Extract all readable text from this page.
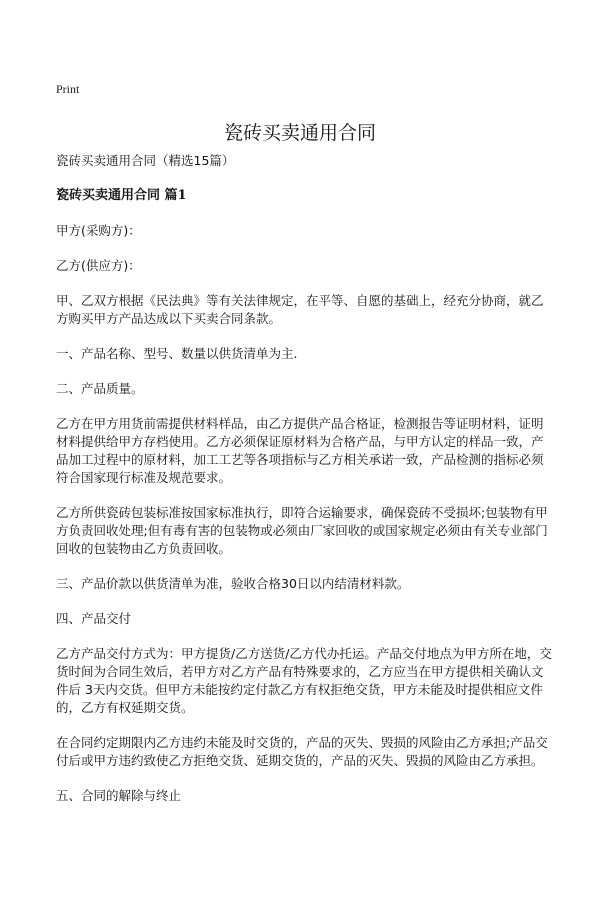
Print
瓷砖买卖通用合同

瓷砖买卖通用合同（精选15篇）

瓷砖买卖通用合同 篇1

甲方(采购方)：

乙方(供应方)：

甲、乙双方根据《民法典》等有关法律规定，在平等、自愿的基础上，经充分协商，就乙方购买甲方产品达成以下买卖合同条款。

一、产品名称、型号、数量以供货清单为主.

二、产品质量。

乙方在甲方用货前需提供材料样品，由乙方提供产品合格证，检测报告等证明材料，证明材料提供给甲方存档使用。乙方必须保证原材料为合格产品，与甲方认定的样品一致，产品加工过程中的原材料，加工工艺等各项指标与乙方相关承诺一致，产品检测的指标必须符合国家现行标准及规范要求。

乙方所供瓷砖包装标准按国家标准执行，即符合运输要求，确保瓷砖不受损坏;包装物有甲方负责回收处理;但有毒有害的包装物或必须由厂家回收的或国家规定必须由有关专业部门回收的包装物由乙方负责回收。

三、产品价款以供货清单为准，验收合格30日以内结清材料款。

四、产品交付

乙方产品交付方式为：甲方提货/乙方送货/乙方代办托运。产品交付地点为甲方所在地，交货时间为合同生效后，若甲方对乙方产品有特殊要求的，乙方应当在甲方提供相关确认文件后 3天内交货。但甲方未能按约定付款乙方有权拒绝交货，甲方未能及时提供相应文件的，乙方有权延期交货。

在合同约定期限内乙方违约未能及时交货的，产品的灭失、毁损的风险由乙方承担;产品交付后或甲方违约致使乙方拒绝交货、延期交货的，产品的灭失、毁损的风险由乙方承担。

五、合同的解除与终止
